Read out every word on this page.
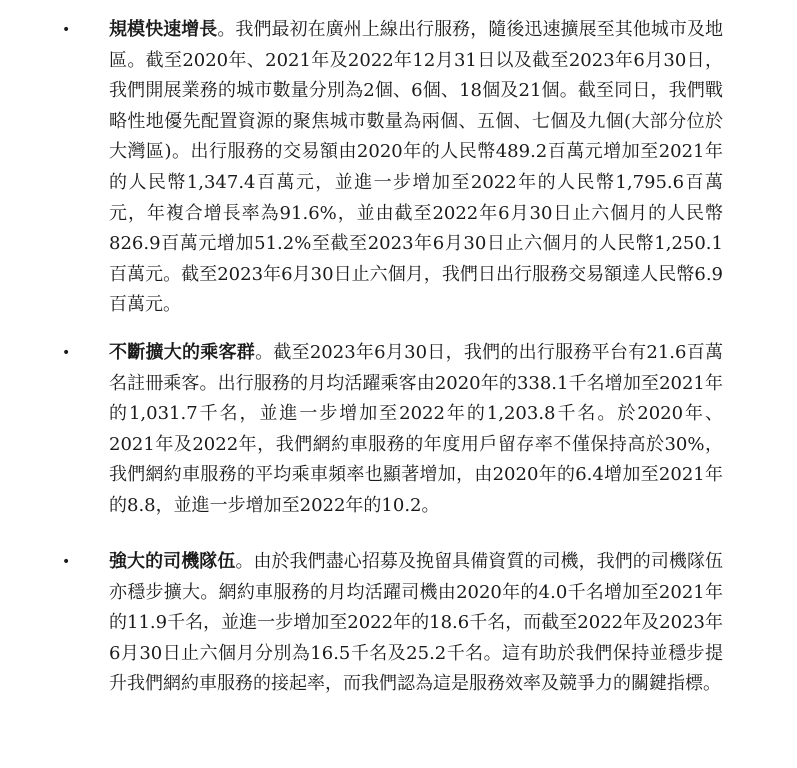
• 規模快速增長。我們最初在廣州上線出行服務，隨後迅速擴展至其他城市及地區。截至2020年、2021年及2022年12月31日以及截至2023年6月30日，我們開展業務的城市數量分別為2個、6個、18個及21個。截至同日，我們戰略性地優先配置資源的聚焦城市數量為兩個、五個、七個及九個(大部分位於大灣區)。出行服務的交易額由2020年的人民幣489.2百萬元增加至2021年的人民幣1,347.4百萬元，並進一步增加至2022年的人民幣1,795.6百萬元，年複合增長率為91.6%，並由截至2022年6月30日止六個月的人民幣826.9百萬元增加51.2%至截至2023年6月30日止六個月的人民幣1,250.1百萬元。截至2023年6月30日止六個月，我們日出行服務交易額達人民幣6.9百萬元。

• 不斷擴大的乘客群。截至2023年6月30日，我們的出行服務平台有21.6百萬名註冊乘客。出行服務的月均活躍乘客由2020年的338.1千名增加至2021年的1,031.7千名，並進一步增加至2022年的1,203.8千名。於2020年、2021年及2022年，我們網約車服務的年度用戶留存率不僅保持高於30%，我們網約車服務的平均乘車頻率也顯著增加，由2020年的6.4增加至2021年的8.8，並進一步增加至2022年的10.2。

• 強大的司機隊伍。由於我們盡心招募及挽留具備資質的司機，我們的司機隊伍亦穩步擴大。網約車服務的月均活躍司機由2020年的4.0千名增加至2021年的11.9千名，並進一步增加至2022年的18.6千名，而截至2022年及2023年6月30日止六個月分別為16.5千名及25.2千名。這有助於我們保持並穩步提升我們網約車服務的接起率，而我們認為這是服務效率及競爭力的關鍵指標。
